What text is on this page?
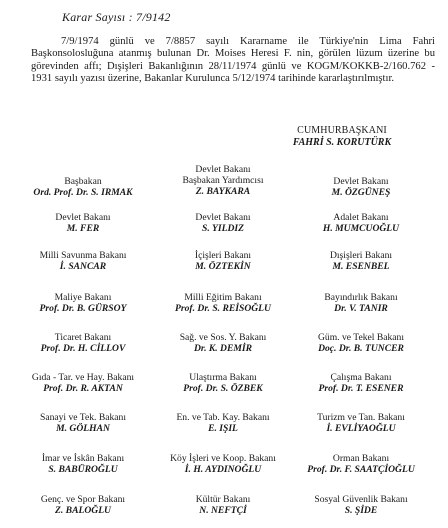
Karar Sayısı : 7/9142
7/9/1974 günlü ve 7/8857 sayılı Kararname ile Türkiye'nin Lima Fahri Başkonsolosluğuna atanmış bulunan Dr. Moises Heresi F. nin, görülen lüzum üzerine bu görevinden affı; Dışişleri Bakanlığının 28/11/1974 günlü ve KOGM/KOKKB-2/160.762 - 1931 sayılı yazısı üzerine, Bakanlar Kurulunca 5/12/1974 tarihinde kararlaştırılmıştır.
CUMHURBAŞKANI
FAHRİ S. KORUTÜRK
Başbakan
Ord. Prof. Dr. S. IRMAK
Devlet Bakanı
Başbakan Yardımcısı
Z. BAYKARA
Devlet Bakanı
M. ÖZGÜNEŞ
Devlet Bakanı
M. FER
Devlet Bakanı
S. YILDIZ
Adalet Bakanı
H. MUMCUOĞLU
Milli Savunma Bakanı
İ. SANCAR
İçişleri Bakanı
M. ÖZTEKİN
Dışişleri Bakanı
M. ESENBEL
Maliye Bakanı
Prof. Dr. B. GÜRSOY
Milli Eğitim Bakanı
Prof. Dr. S. REİSOĞLU
Bayındırlık Bakanı
Dr. V. TANIR
Ticaret Bakanı
Prof. Dr. H. CİLLOV
Sağ. ve Sos. Y. Bakanı
Dr. K. DEMİR
Güm. ve Tekel Bakanı
Doç. Dr. B. TUNCER
Gıda - Tar. ve Hay. Bakanı
Prof. Dr. R. AKTAN
Ulaştırma Bakanı
Prof. Dr. S. ÖZBEK
Çalışma Bakanı
Prof. Dr. T. ESENER
Sanayi ve Tek. Bakanı
M. GÖLHAN
En. ve Tab. Kay. Bakanı
E. IŞIL
Turizm ve Tan. Bakanı
İ. EVLİYAOĞLU
İmar ve İskân Bakanı
S. BABÜROĞLU
Köy İşleri ve Koop. Bakanı
İ. H. AYDINOĞLU
Orman Bakanı
Prof. Dr. F. SAATÇİOĞLU
Genç. ve Spor Bakanı
Z. BALOĞLU
Kültür Bakanı
N. NEFTÇİ
Sosyal Güvenlik Bakanı
S. ŞİDE
